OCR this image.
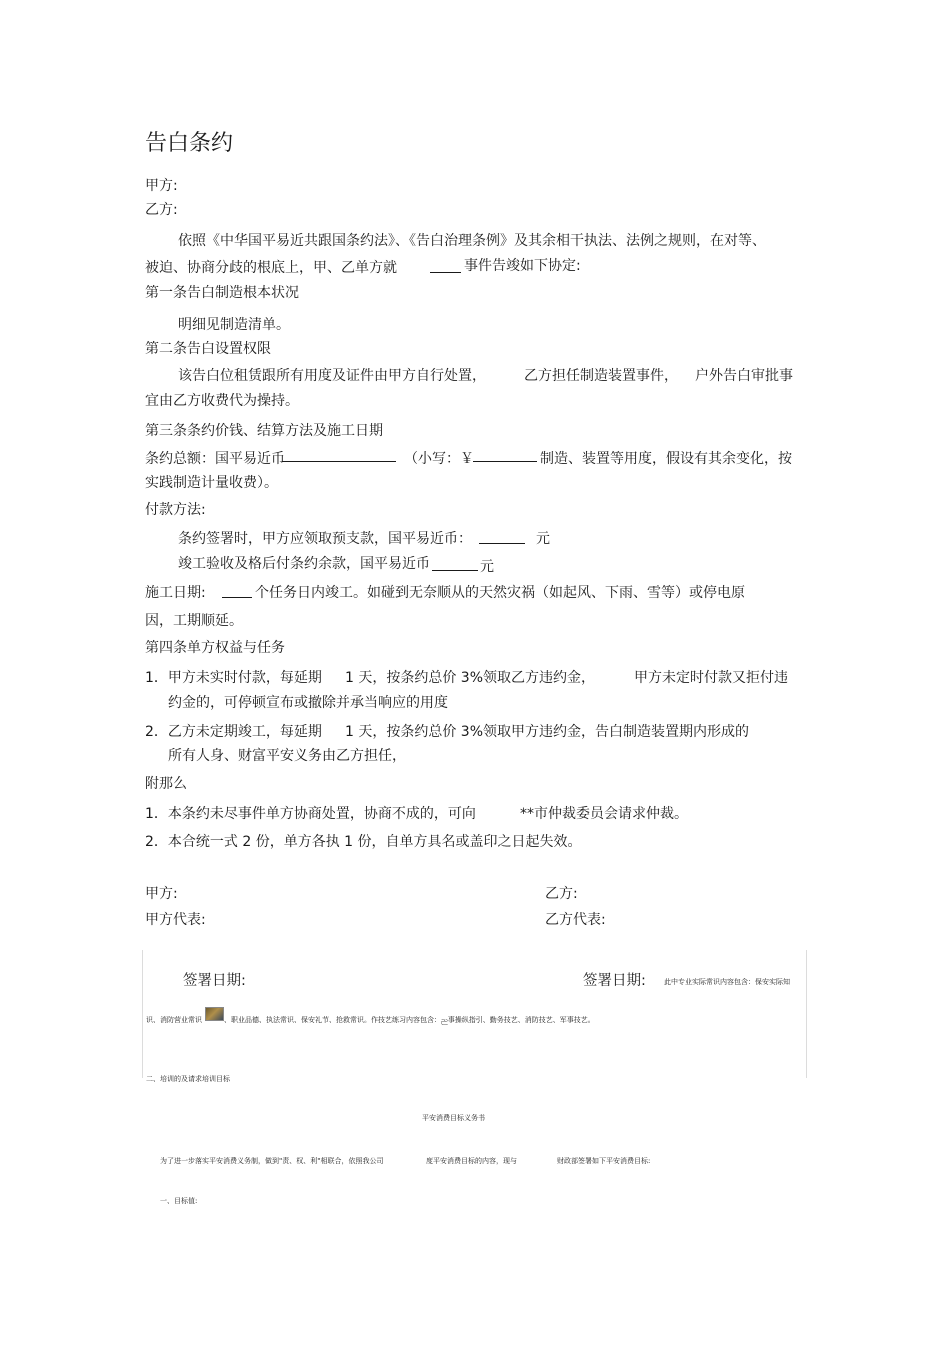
告白条约
甲方:
乙方:
依照《中华国平易近共跟国条约法》、《告白治理条例》及其余相干执法、法例之规则，在对等、
被迫、协商分歧的根底上，甲、乙单方就	事件告竣如下协定:
第一条告白制造根本状况
明细见制造清单。
第二条告白设置权限
该告白位租赁跟所有用度及证件由甲方自行处置，	乙方担任制造装置事件， 户外告白审批事
宜由乙方收费代为操持。
第三条条约价钱、结算方法及施工日期
条约总额：国平易近币	（小写：￥	制造、装置等用度，假设有其余变化，按
实践制造计量收费）。
付款方法:
条约签署时，甲方应领取预支款，国平易近币：	元
竣工验收及格后付条约余款，国平易近币	元
施工日期:	个任务日内竣工。如碰到无奈顺从的天然灾祸（如起风、下雨、雪等）或停电原
因，工期顺延。
第四条单方权益与任务
1．甲方未实时付款，每延期 1 天，按条约总价 3%领取乙方违约金，	甲方未定时付款又拒付违
约金的，可停顿宣布或撤除并承当响应的用度
2．乙方未定期竣工，每延期 1 天，按条约总价 3%领取甲方违约金，告白制造装置期内形成的
所有人身、财富平安义务由乙方担任，
附那么
1．本条约未尽事件单方协商处置，协商不成的，可向	**市仲裁委员会请求仲裁。
2．本合统一式 2 份，单方各执 1 份，自单方具名或盖印之日起失效。
甲方:	乙方:
甲方代表:	乙方代表:
签署日期:	签署日期:	此中专业实际常识内容包含：保安实际知
识、消防营业常识	、职业品德、执法常识、保安礼节、抢救常识。作技艺练习内容包含：ည事操纵指引、勤务技艺、消防技艺、军事技艺。
二、培训的及请求培训目标
平安消费目标义务书
为了进一步落实平安消费义务制，做到"责、权、利"相联合，依照我公司	度平安消费目标的内容，现与	财政部签署如下平安消费目标:
一、目标值:
